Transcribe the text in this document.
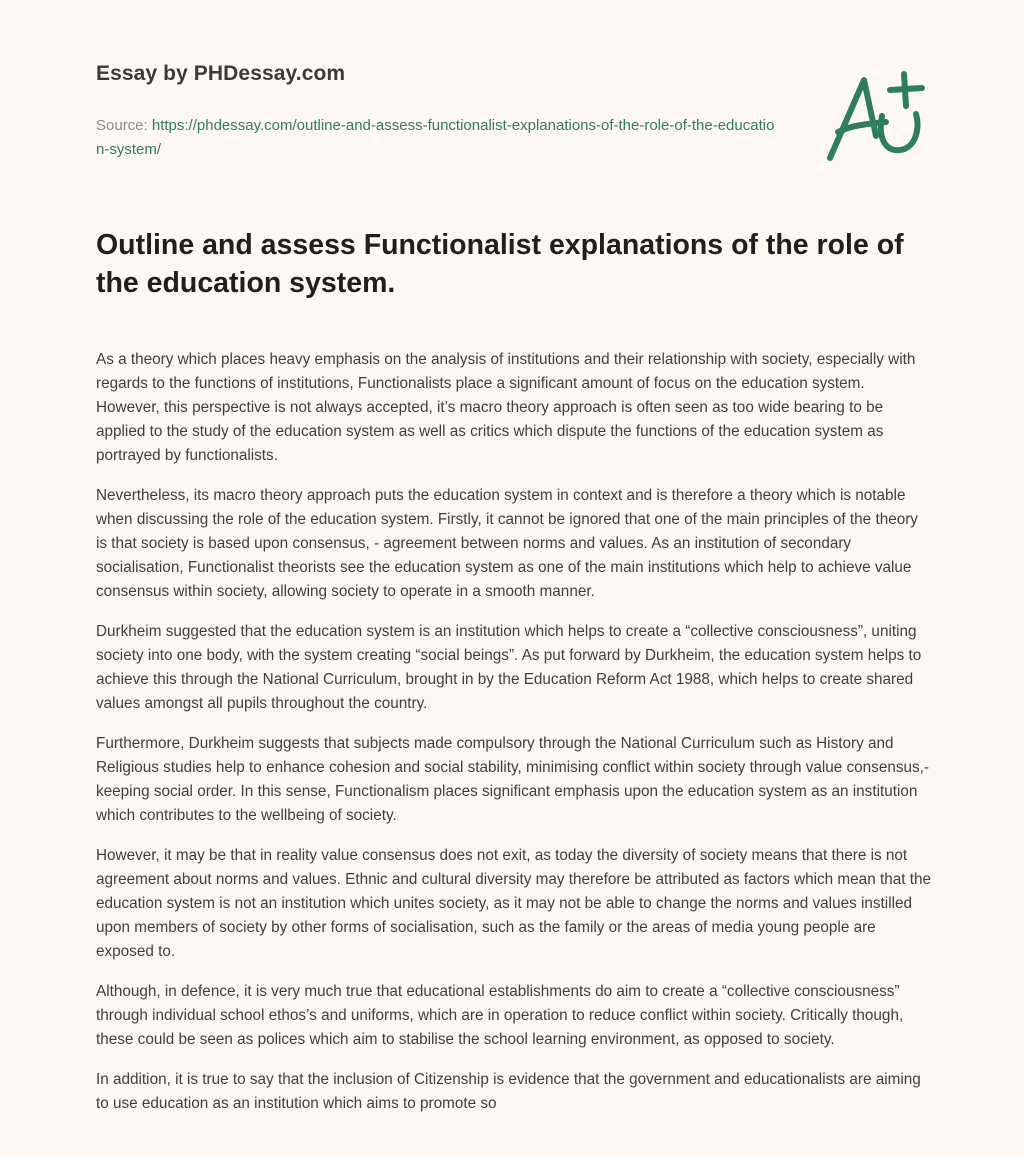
Essay by PHDessay.com
Source: https://phdessay.com/outline-and-assess-functionalist-explanations-of-the-role-of-the-education-system/
Outline and assess Functionalist explanations of the role of the education system.

As a theory which places heavy emphasis on the analysis of institutions and their relationship with society, especially with regards to the functions of institutions, Functionalists place a significant amount of focus on the education system. However, this perspective is not always accepted, it’s macro theory approach is often seen as too wide bearing to be applied to the study of the education system as well as critics which dispute the functions of the education system as portrayed by functionalists.

Nevertheless, its macro theory approach puts the education system in context and is therefore a theory which is notable when discussing the role of the education system. Firstly, it cannot be ignored that one of the main principles of the theory is that society is based upon consensus, - agreement between norms and values. As an institution of secondary socialisation, Functionalist theorists see the education system as one of the main institutions which help to achieve value consensus within society, allowing society to operate in a smooth manner.

Durkheim suggested that the education system is an institution which helps to create a “collective consciousness”, uniting society into one body, with the system creating “social beings”. As put forward by Durkheim, the education system helps to achieve this through the National Curriculum, brought in by the Education Reform Act 1988, which helps to create shared values amongst all pupils throughout the country.

Furthermore, Durkheim suggests that subjects made compulsory through the National Curriculum such as History and Religious studies help to enhance cohesion and social stability, minimising conflict within society through value consensus,- keeping social order. In this sense, Functionalism places significant emphasis upon the education system as an institution which contributes to the wellbeing of society.

However, it may be that in reality value consensus does not exit, as today the diversity of society means that there is not agreement about norms and values. Ethnic and cultural diversity may therefore be attributed as factors which mean that the education system is not an institution which unites society, as it may not be able to change the norms and values instilled upon members of society by other forms of socialisation, such as the family or the areas of media young people are exposed to.

Although, in defence, it is very much true that educational establishments do aim to create a “collective consciousness” through individual school ethos’s and uniforms, which are in operation to reduce conflict within society. Critically though, these could be seen as polices which aim to stabilise the school learning environment, as opposed to society.

In addition, it is true to say that the inclusion of Citizenship is evidence that the government and educationalists are aiming to use education as an institution which aims to promote so
